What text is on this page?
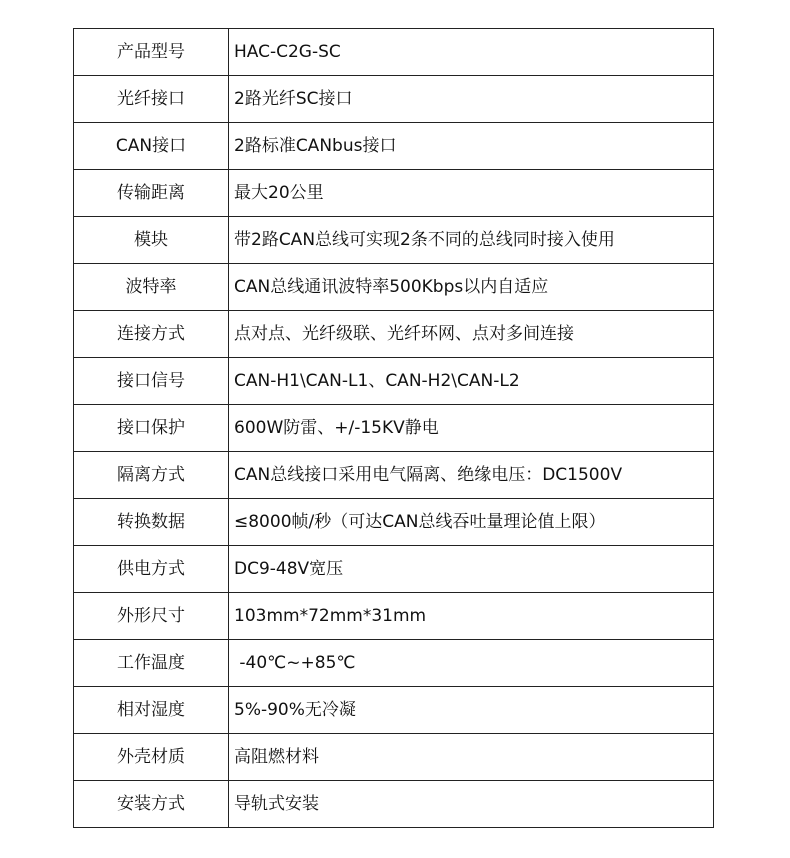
产品型号	HAC-C2G-SC
光纤接口	2路光纤SC接口
CAN接口	2路标准CANbus接口
传输距离	最大20公里
模块	带2路CAN总线可实现2条不同的总线同时接入使用
波特率	CAN总线通讯波特率500Kbps以内自适应
连接方式	点对点、光纤级联、光纤环网、点对多间连接
接口信号	CAN-H1\CAN-L1、CAN-H2\CAN-L2
接口保护	600W防雷、+/-15KV静电
隔离方式	CAN总线接口采用电气隔离、绝缘电压：DC1500V
转换数据	≤8000帧/秒（可达CAN总线吞吐量理论值上限）
供电方式	DC9-48V宽压
外形尺寸	103mm*72mm*31mm
工作温度	-40℃~+85℃
相对湿度	5%-90%无冷凝
外壳材质	高阻燃材料
安装方式	导轨式安装
